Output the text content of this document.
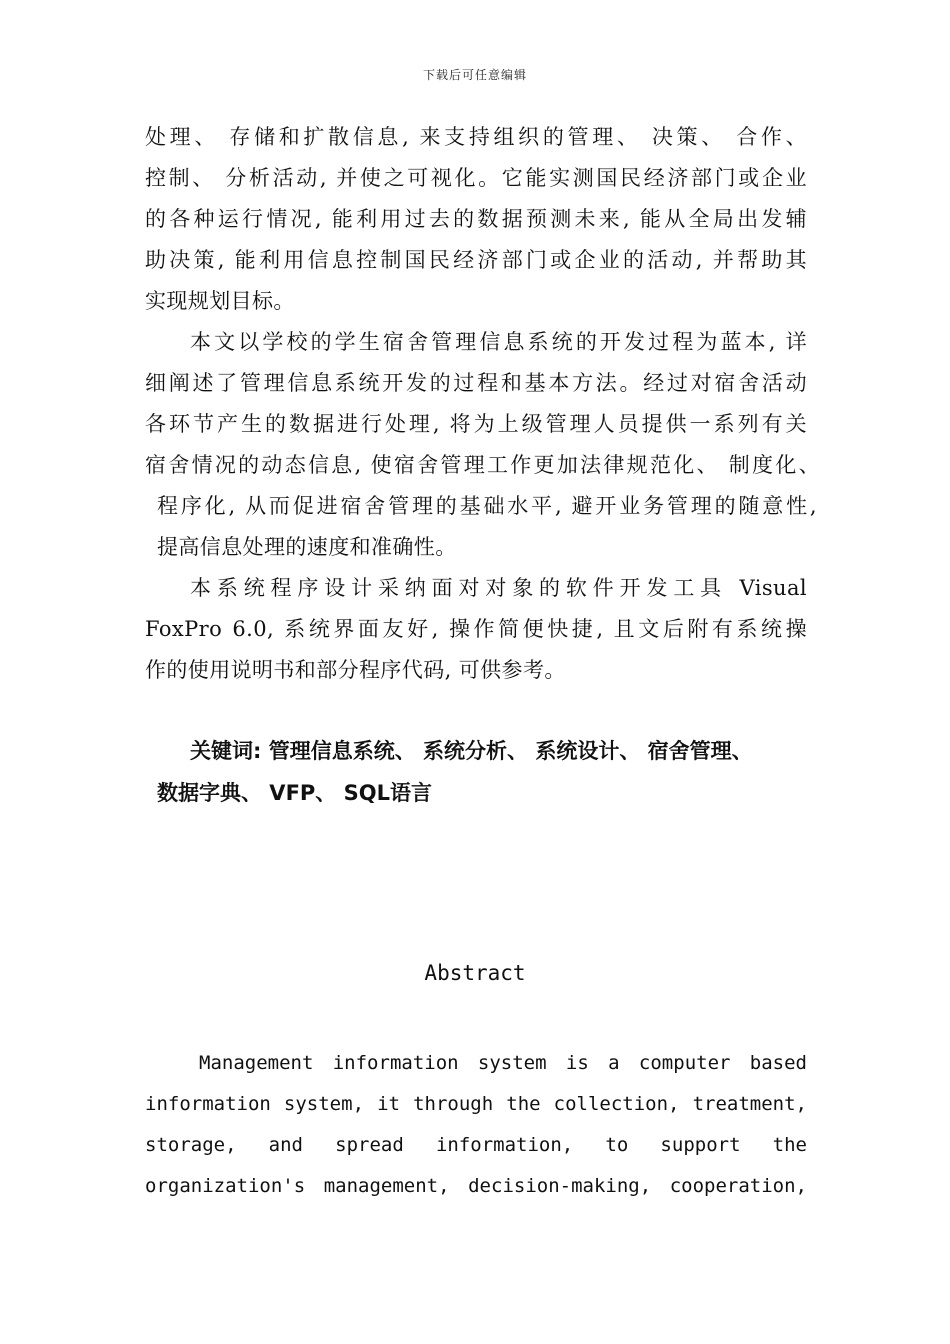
下载后可任意编辑
处理、 存储和扩散信息, 来支持组织的管理、 决策、 合作、
控制、 分析活动, 并使之可视化。它能实测国民经济部门或企业
的各种运行情况, 能利用过去的数据预测未来, 能从全局出发辅
助决策, 能利用信息控制国民经济部门或企业的活动, 并帮助其
实现规划目标。
本文以学校的学生宿舍管理信息系统的开发过程为蓝本, 详
细阐述了管理信息系统开发的过程和基本方法。经过对宿舍活动
各环节产生的数据进行处理, 将为上级管理人员提供一系列有关
宿舍情况的动态信息, 使宿舍管理工作更加法律规范化、 制度化、
程序化, 从而促进宿舍管理的基础水平, 避开业务管理的随意性,
提高信息处理的速度和准确性。
本系统程序设计采纳面对对象的软件开发工具 Visual
FoxPro 6.0, 系统界面友好, 操作简便快捷, 且文后附有系统操
作的使用说明书和部分程序代码, 可供参考。
关键词: 管理信息系统、 系统分析、 系统设计、 宿舍管理、
数据字典、 VFP、 SQL语言
Abstract
Management information system is a computer based
information system, it through the collection, treatment,
storage, and spread information, to support the
organization's management, decision-making, cooperation,
